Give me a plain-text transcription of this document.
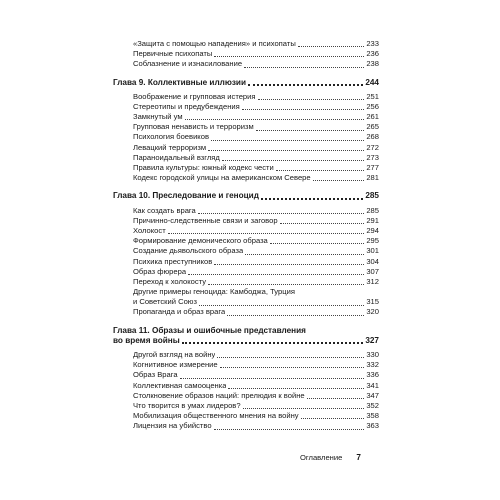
«Защита с помощью нападения» и психопаты	233
Первичные психопаты	236
Соблазнение и изнасилование	238
Глава 9. Коллективные иллюзии	244
Воображение и групповая истерия	251
Стереотипы и предубеждения	256
Замкнутый ум	261
Групповая ненависть и терроризм	265
Психология боевиков	268
Левацкий терроризм	272
Параноидальный взгляд	273
Правила культуры: южный кодекс чести	277
Кодекс городской улицы на американском Севере	281
Глава 10. Преследование и геноцид	285
Как создать врага	285
Причинно-следственные связи и заговор	291
Холокост	294
Формирование демонического образа	295
Создание дьявольского образа	301
Психика преступников	304
Образ фюрера	307
Переход к холокосту	312
Другие примеры геноцида: Камбоджа, Турция
и Советский Союз	315
Пропаганда и образ врага	320
Глава 11. Образы и ошибочные представления
во время войны	327
Другой взгляд на войну	330
Когнитивное измерение	332
Образ Врага	336
Коллективная самооценка	341
Столкновение образов наций: прелюдия к войне	347
Что творится в умах лидеров?	352
Мобилизация общественного мнения на войну	358
Лицензия на убийство	363
Оглавление 7
